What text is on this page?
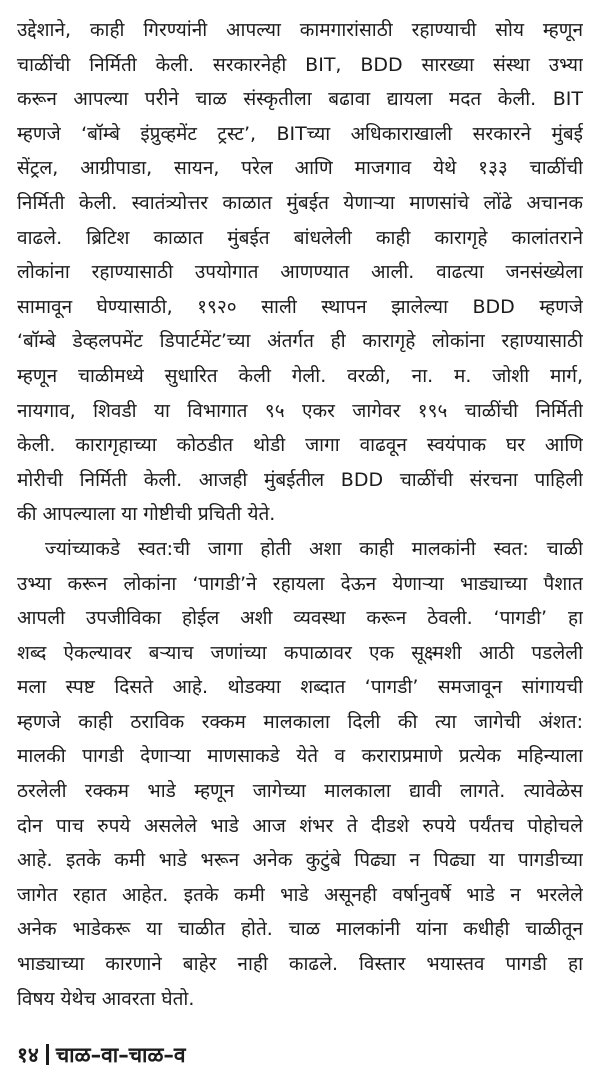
उद्देशाने, काही गिरण्यांनी आपल्या कामगारांसाठी रहाण्याची सोय म्हणून
चाळींची निर्मिती केली. सरकारनेही BIT, BDD सारख्या संस्था उभ्या
करून आपल्या परीने चाळ संस्कृतीला बढावा द्यायला मदत केली. BIT
म्हणजे ‘बॉम्बे इंप्रुव्हमेंट ट्रस्ट’, BITच्या अधिकाराखाली सरकारने मुंबई
सेंट्रल, आग्रीपाडा, सायन, परेल आणि माजगाव येथे १३३ चाळींची
निर्मिती केली. स्वातंत्र्योत्तर काळात मुंबईत येणाऱ्या माणसांचे लोंढे अचानक
वाढले. ब्रिटिश काळात मुंबईत बांधलेली काही कारागृहे कालांतराने
लोकांना रहाण्यासाठी उपयोगात आणण्यात आली. वाढत्या जनसंख्येला
सामावून घेण्यासाठी, १९२० साली स्थापन झालेल्या BDD म्हणजे
‘बॉम्बे डेव्हलपमेंट डिपार्टमेंट’च्या अंतर्गत ही कारागृहे लोकांना रहाण्यासाठी
म्हणून चाळीमध्ये सुधारित केली गेली. वरळी, ना. म. जोशी मार्ग,
नायगाव, शिवडी या विभागात ९५ एकर जागेवर १९५ चाळींची निर्मिती
केली. कारागृहाच्या कोठडीत थोडी जागा वाढवून स्वयंपाक घर आणि
मोरीची निर्मिती केली. आजही मुंबईतील BDD चाळींची संरचना पाहिली
की आपल्याला या गोष्टीची प्रचिती येते.
ज्यांच्याकडे स्वत:ची जागा होती अशा काही मालकांनी स्वत: चाळी
उभ्या करून लोकांना ‘पागडी’ने रहायला देऊन येणाऱ्या भाड्याच्या पैशात
आपली उपजीविका होईल अशी व्यवस्था करून ठेवली. ‘पागडी’ हा
शब्द ऐकल्यावर बऱ्याच जणांच्या कपाळावर एक सूक्ष्मशी आठी पडलेली
मला स्पष्ट दिसते आहे. थोडक्या शब्दात ‘पागडी’ समजावून सांगायची
म्हणजे काही ठराविक रक्कम मालकाला दिली की त्या जागेची अंशत:
मालकी पागडी देणाऱ्या माणसाकडे येते व कराराप्रमाणे प्रत्येक महिन्याला
ठरलेली रक्कम भाडे म्हणून जागेच्या मालकाला द्यावी लागते. त्यावेळेस
दोन पाच रुपये असलेले भाडे आज शंभर ते दीडशे रुपये पर्यंतच पोहोचले
आहे. इतके कमी भाडे भरून अनेक कुटुंबे पिढ्या न पिढ्या या पागडीच्या
जागेत रहात आहेत. इतके कमी भाडे असूनही वर्षानुवर्षे भाडे न भरलेले
अनेक भाडेकरू या चाळीत होते. चाळ मालकांनी यांना कधीही चाळीतून
भाड्याच्या कारणाने बाहेर नाही काढले. विस्तार भयास्तव पागडी हा
विषय येथेच आवरता घेतो.
१४ चाळ–वा–चाळ–व
